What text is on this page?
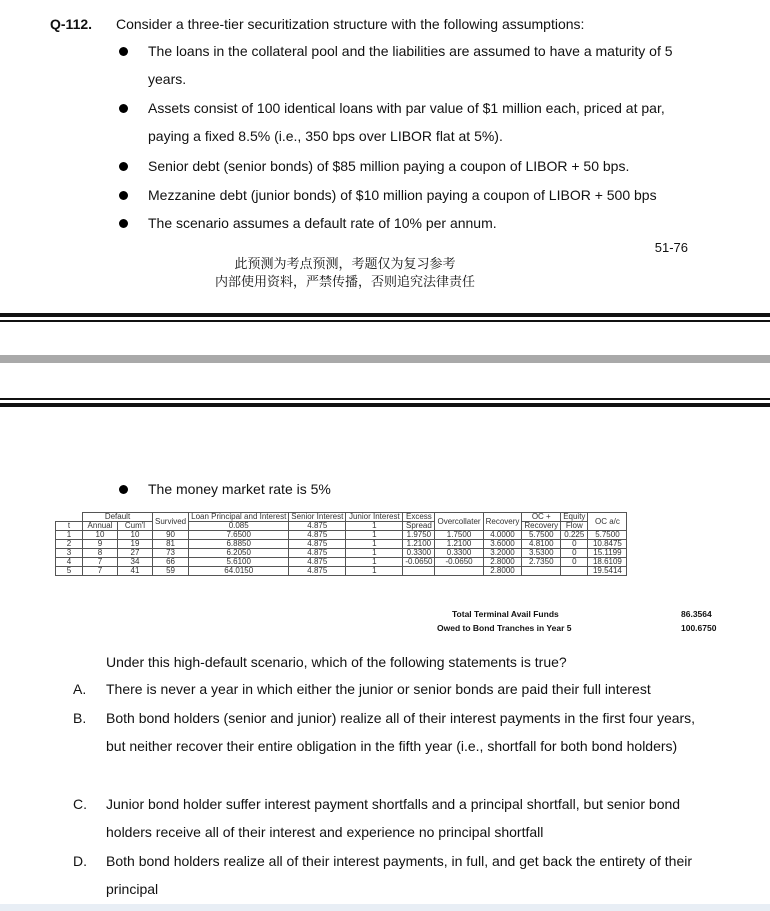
Q-112. Consider a three-tier securitization structure with the following assumptions:
The loans in the collateral pool and the liabilities are assumed to have a maturity of 5 years.
Assets consist of 100 identical loans with par value of $1 million each, priced at par, paying a fixed 8.5% (i.e., 350 bps over LIBOR flat at 5%).
Senior debt (senior bonds) of $85 million paying a coupon of LIBOR + 50 bps.
Mezzanine debt (junior bonds) of $10 million paying a coupon of LIBOR + 500 bps
The scenario assumes a default rate of 10% per annum.
51-76
此预测为考点预测，考题仅为复习参考
内部使用资料，严禁传播，否则追究法律责任
The money market rate is 5%
	Default		Survived	Loan Principal and Interest	Senior Interest	Junior Interest	Excess	Overcollater	Recovery	OC +	Equity	OC a/c
t	Annual	Cum'l		0.085	4.875	1	Spread			Recovery	Flow	
1	10	10	90	7.6500	4.875	1	1.9750	1.7500	4.0000	5.7500	0.225	5.7500
2	9	19	81	6.8850	4.875	1	1.2100	1.2100	3.6000	4.8100	0	10.8475
3	8	27	73	6.2050	4.875	1	0.3300	0.3300	3.2000	3.5300	0	15.1199
4	7	34	66	5.6100	4.875	1	-0.0650	-0.0650	2.8000	2.7350	0	18.6109
5	7	41	59	64.0150	4.875	1			2.8000			19.5414
Total Terminal Avail Funds	86.3564
Owed to Bond Tranches in Year 5	100.6750
Under this high-default scenario, which of the following statements is true?
A. There is never a year in which either the junior or senior bonds are paid their full interest
B. Both bond holders (senior and junior) realize all of their interest payments in the first four years, but neither recover their entire obligation in the fifth year (i.e., shortfall for both bond holders)
C. Junior bond holder suffer interest payment shortfalls and a principal shortfall, but senior bond holders receive all of their interest and experience no principal shortfall
D. Both bond holders realize all of their interest payments, in full, and get back the entirety of their principal
